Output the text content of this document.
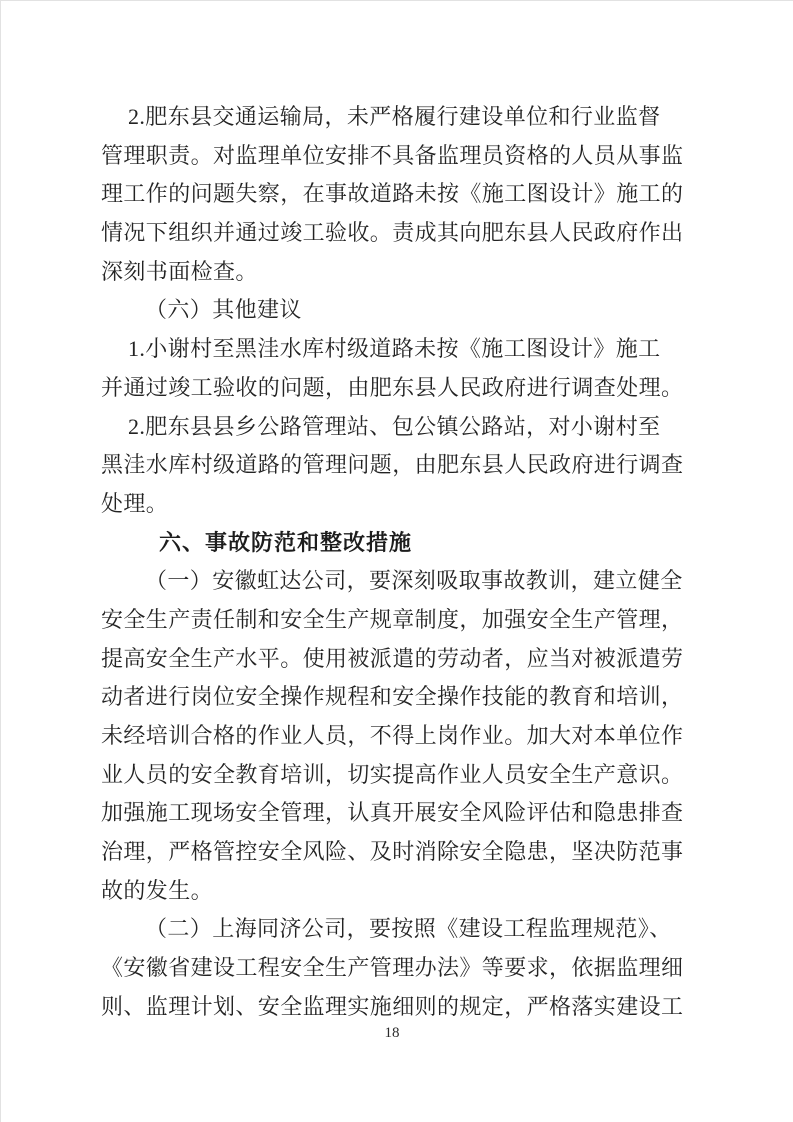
2.肥东县交通运输局，未严格履行建设单位和行业监督
管理职责。对监理单位安排不具备监理员资格的人员从事监
理工作的问题失察，在事故道路未按《施工图设计》施工的
情况下组织并通过竣工验收。责成其向肥东县人民政府作出
深刻书面检查。
（六）其他建议
1.小谢村至黑洼水库村级道路未按《施工图设计》施工
并通过竣工验收的问题，由肥东县人民政府进行调查处理。
2.肥东县县乡公路管理站、包公镇公路站，对小谢村至
黑洼水库村级道路的管理问题，由肥东县人民政府进行调查
处理。
六、事故防范和整改措施
（一）安徽虹达公司，要深刻吸取事故教训，建立健全
安全生产责任制和安全生产规章制度，加强安全生产管理，
提高安全生产水平。使用被派遣的劳动者，应当对被派遣劳
动者进行岗位安全操作规程和安全操作技能的教育和培训，
未经培训合格的作业人员，不得上岗作业。加大对本单位作
业人员的安全教育培训，切实提高作业人员安全生产意识。
加强施工现场安全管理，认真开展安全风险评估和隐患排查
治理，严格管控安全风险、及时消除安全隐患，坚决防范事
故的发生。
（二）上海同济公司，要按照《建设工程监理规范》、
《安徽省建设工程安全生产管理办法》等要求，依据监理细
则、监理计划、安全监理实施细则的规定，严格落实建设工
18
